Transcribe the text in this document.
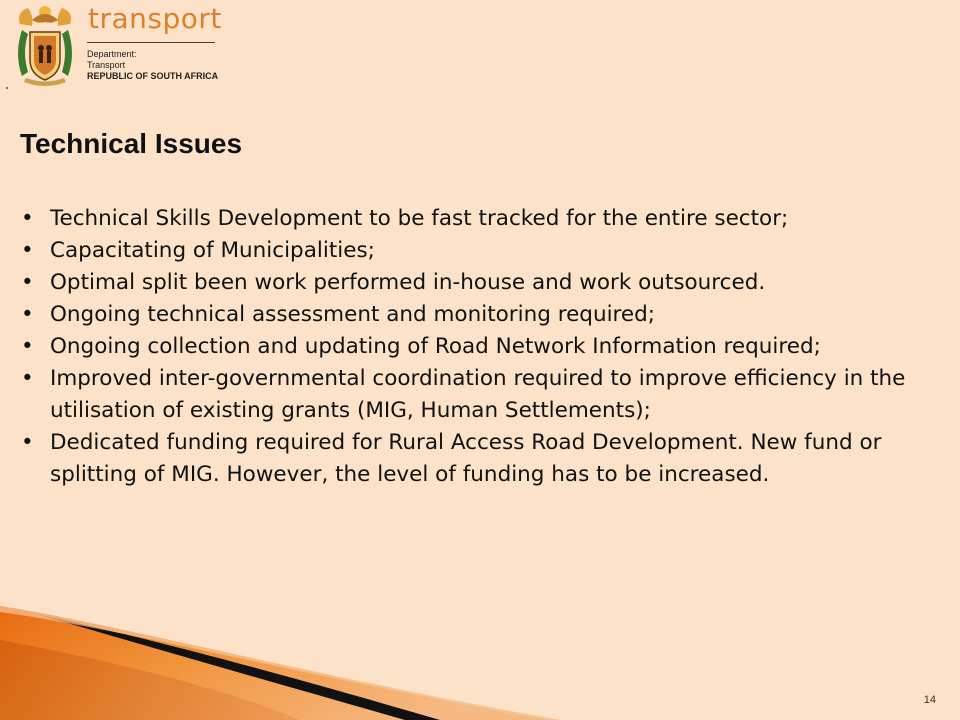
transport
Department:
Transport
REPUBLIC OF SOUTH AFRICA
Technical Issues
• Technical Skills Development to be fast tracked for the entire sector;
• Capacitating of Municipalities;
• Optimal split been work performed in-house and work outsourced.
• Ongoing technical assessment and monitoring required;
• Ongoing collection and updating of Road Network Information required;
• Improved inter-governmental coordination required to improve efficiency in the utilisation of existing grants (MIG, Human Settlements);
• Dedicated funding required for Rural Access Road Development. New fund or splitting of MIG. However, the level of funding has to be increased.
14
